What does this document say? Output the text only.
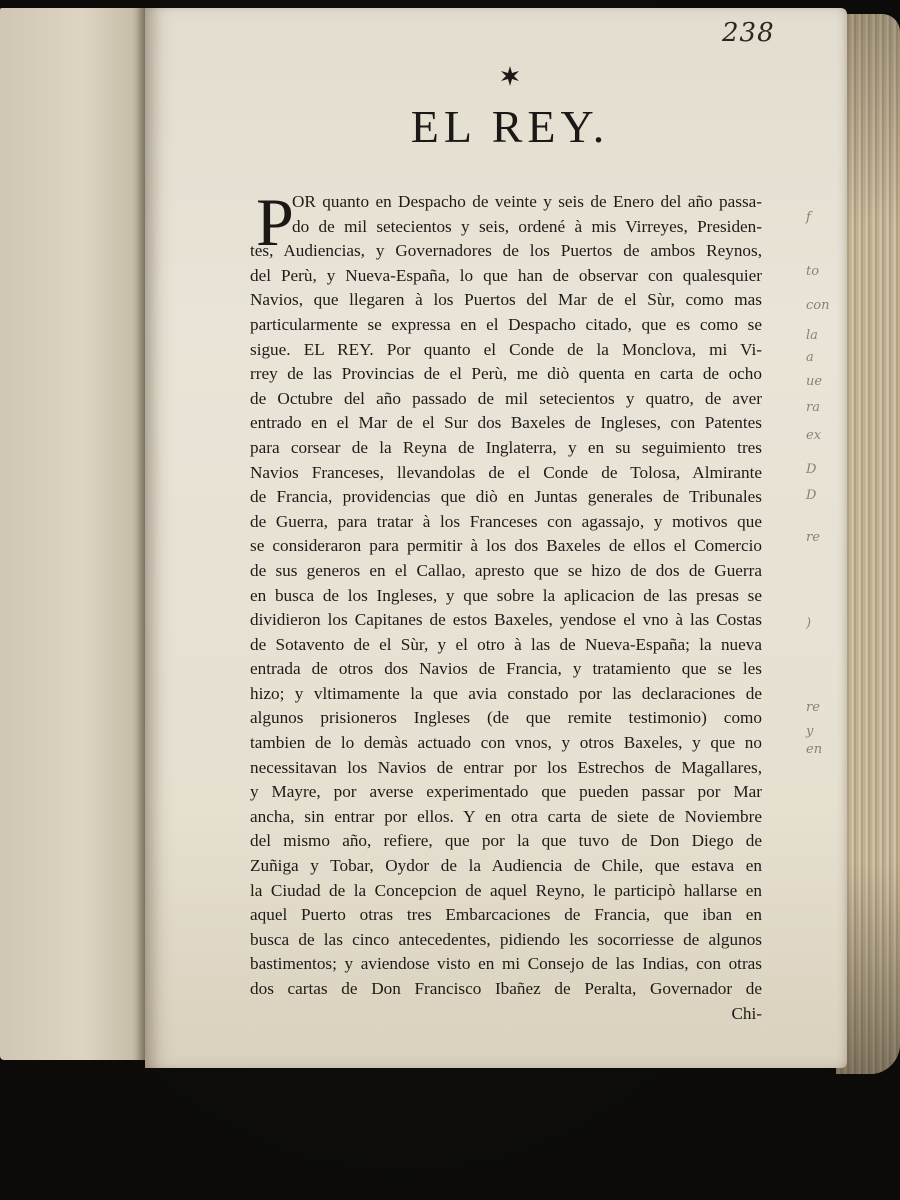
f
to
con
la
a
ue
ra
ex
D
D
re
)
re
y
en
238
EL REY.
P
OR quanto en Despacho de veinte y seis de Enero del año passa-
do de mil setecientos y seis, ordené à mis Virreyes, Presiden-
tes, Audiencias, y Governadores de los Puertos de ambos Reynos,
del Perù, y Nueva-España, lo que han de observar con qualesquier
Navios, que llegaren à los Puertos del Mar de el Sùr, como mas
particularmente se expressa en el Despacho citado, que es como se
sigue. EL REY. Por quanto el Conde de la Monclova, mi Vi-
rrey de las Provincias de el Perù, me diò quenta en carta de ocho
de Octubre del año passado de mil setecientos y quatro, de aver
entrado en el Mar de el Sur dos Baxeles de Ingleses, con Patentes
para corsear de la Reyna de Inglaterra, y en su seguimiento tres
Navios Franceses, llevandolas de el Conde de Tolosa, Almirante
de Francia, providencias que diò en Juntas generales de Tribunales
de Guerra, para tratar à los Franceses con agassajo, y motivos que
se consideraron para permitir à los dos Baxeles de ellos el Comercio
de sus generos en el Callao, apresto que se hizo de dos de Guerra
en busca de los Ingleses, y que sobre la aplicacion de las presas se
dividieron los Capitanes de estos Baxeles, yendose el vno à las Costas
de Sotavento de el Sùr, y el otro à las de Nueva-España; la nueva
entrada de otros dos Navios de Francia, y tratamiento que se les
hizo; y vltimamente la que avia constado por las declaraciones de
algunos prisioneros Ingleses (de que remite testimonio) como
tambien de lo demàs actuado con vnos, y otros Baxeles, y que no
necessitavan los Navios de entrar por los Estrechos de Magallares,
y Mayre, por averse experimentado que pueden passar por Mar
ancha, sin entrar por ellos. Y en otra carta de siete de Noviembre
del mismo año, refiere, que por la que tuvo de Don Diego de
Zuñiga y Tobar, Oydor de la Audiencia de Chile, que estava en
la Ciudad de la Concepcion de aquel Reyno, le participò hallarse en
aquel Puerto otras tres Embarcaciones de Francia, que iban en
busca de las cinco antecedentes, pidiendo les socorriesse de algunos
bastimentos; y aviendose visto en mi Consejo de las Indias, con otras
dos cartas de Don Francisco Ibañez de Peralta, Governador de
Chi-
